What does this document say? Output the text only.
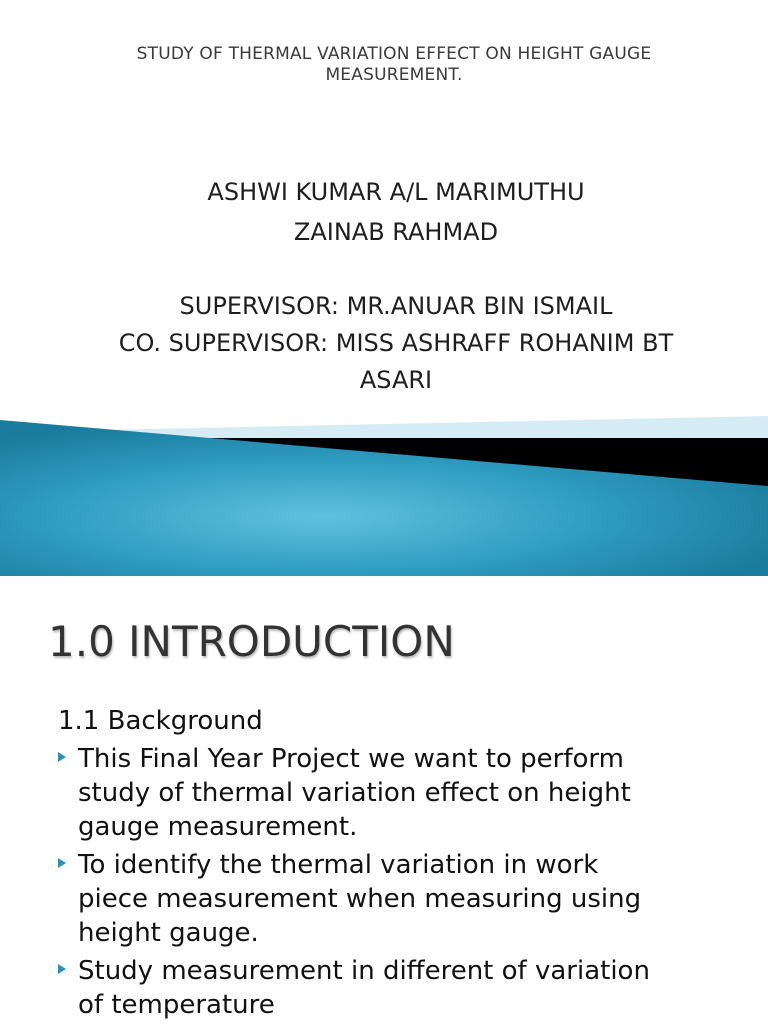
STUDY OF THERMAL VARIATION EFFECT ON HEIGHT GAUGE
MEASUREMENT.
ASHWI KUMAR A/L MARIMUTHU
ZAINAB RAHMAD
SUPERVISOR: MR.ANUAR BIN ISMAIL
CO. SUPERVISOR: MISS ASHRAFF ROHANIM BT
ASARI
1.0 INTRODUCTION
1.1 Background
This Final Year Project we want to perform
study of thermal variation effect on height
gauge measurement.
To identify the thermal variation in work
piece measurement when measuring using
height gauge.
Study measurement in different of variation
of temperature
